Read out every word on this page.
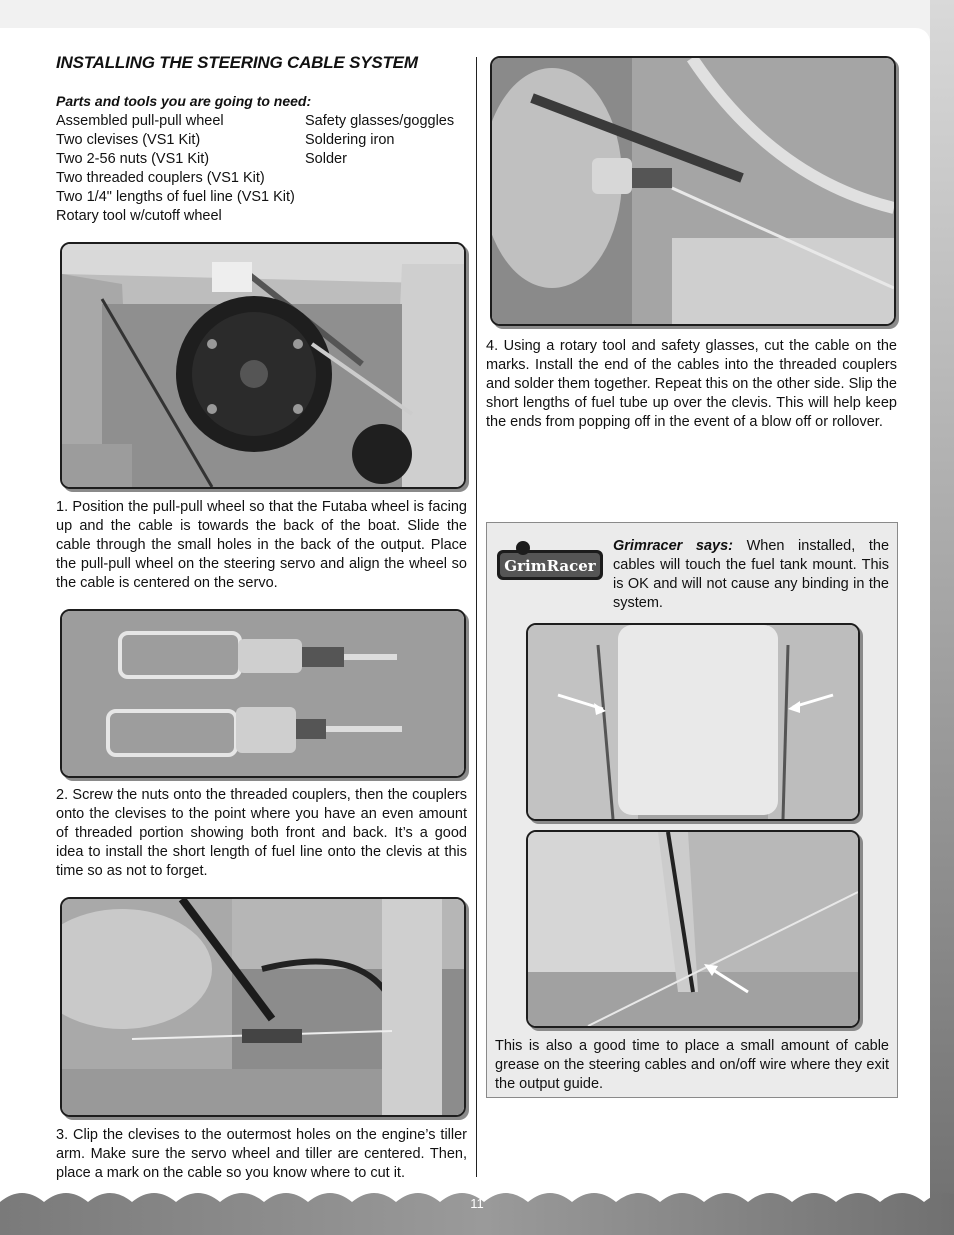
INSTALLING THE STEERING CABLE SYSTEM
Parts and tools you are going to need:
Assembled pull-pull wheel	Safety glasses/goggles
Two clevises (VS1 Kit)	Soldering iron
Two 2-56 nuts (VS1 Kit)	Solder
Two threaded couplers (VS1 Kit)
Two 1/4" lengths of fuel line (VS1 Kit)
Rotary tool w/cutoff wheel

1. Position the pull-pull wheel so that the Futaba wheel is facing up and the cable is towards the back of the boat. Slide the cable through the small holes in the back of the output. Place the pull-pull wheel on the steering servo and align the wheel so the cable is centered on the servo.

2. Screw the nuts onto the threaded couplers, then the couplers onto the clevises to the point where you have an even amount of threaded portion showing both front and back. It’s a good idea to install the short length of fuel line onto the clevis at this time so as not to forget.

3. Clip the clevises to the outermost holes on the engine’s tiller arm. Make sure the servo wheel and tiller are centered. Then, place a mark on the cable so you know where to cut it.

4. Using a rotary tool and safety glasses, cut the cable on the marks. Install the end of the cables into the threaded couplers and solder them together. Repeat this on the other side. Slip the short lengths of fuel tube up over the clevis. This will help keep the ends from popping off in the event of a blow off or rollover.

GrimRacer

Grimracer says: When installed, the cables will touch the fuel tank mount. This is OK and will not cause any binding in the system.

This is also a good time to place a small amount of cable grease on the steering cables and on/off wire where they exit the output guide.

11
